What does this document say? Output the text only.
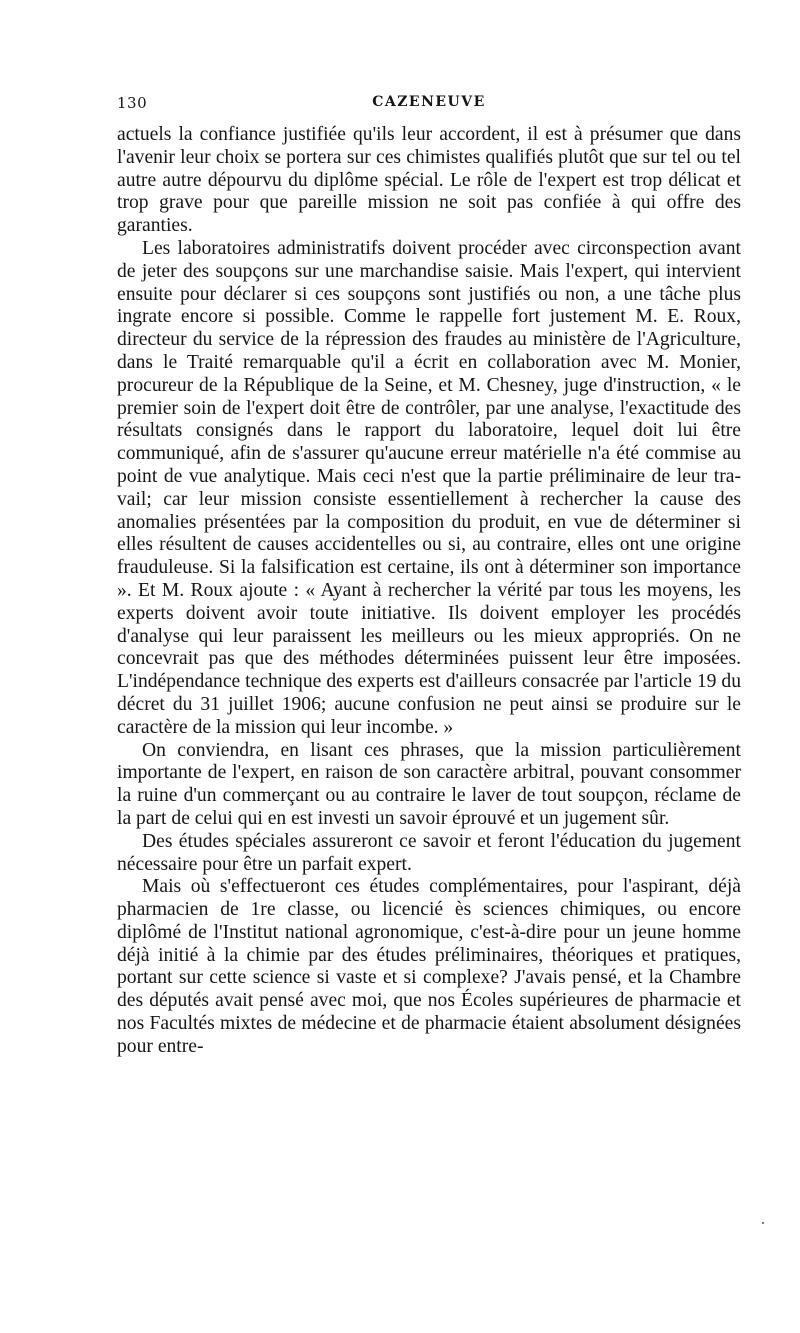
130	CAZENEUVE

actuels la confiance justifiée qu'ils leur accordent, il est à présumer que dans l'avenir leur choix se portera sur ces chimistes qualifiés plutôt que sur tel ou tel autre autre dépourvu du diplôme spécial. Le rôle de l'expert est trop délicat et trop grave pour que pareille mission ne soit pas confiée à qui offre des garanties.

Les laboratoires administratifs doivent procéder avec circonspection avant de jeter des soupçons sur une marchandise saisie. Mais l'expert, qui intervient ensuite pour déclarer si ces soupçons sont justifiés ou non, a une tâche plus ingrate encore si possible. Comme le rappelle fort justement M. E. Roux, directeur du service de la répression des fraudes au ministère de l'Agriculture, dans le Traité remarquable qu'il a écrit en collaboration avec M. Monier, procureur de la République de la Seine, et M. Chesney, juge d'instruction, « le premier soin de l'expert doit être de contrôler, par une analyse, l'exactitude des résultats consignés dans le rapport du laboratoire, lequel doit lui être communiqué, afin de s'assurer qu'aucune erreur matérielle n'a été commise au point de vue analytique. Mais ceci n'est que la partie préliminaire de leur travail; car leur mission consiste essentiellement à rechercher la cause des anomalies présentées par la composition du produit, en vue de déterminer si elles résultent de causes accidentelles ou si, au contraire, elles ont une origine frauduleuse. Si la falsification est certaine, ils ont à déterminer son importance ». Et M. Roux ajoute : « Ayant à rechercher la vérité par tous les moyens, les experts doivent avoir toute initiative. Ils doivent employer les procédés d'analyse qui leur paraissent les meilleurs ou les mieux appropriés. On ne concevrait pas que des méthodes déterminées puissent leur être imposées. L'indépendance technique des experts est d'ailleurs consacrée par l'article 19 du décret du 31 juillet 1906; aucune confusion ne peut ainsi se produire sur le caractère de la mission qui leur incombe. »

On conviendra, en lisant ces phrases, que la mission particulièrement importante de l'expert, en raison de son caractère arbitral, pouvant consommer la ruine d'un commerçant ou au contraire le laver de tout soupçon, réclame de la part de celui qui en est investi un savoir éprouvé et un jugement sûr.

Des études spéciales assureront ce savoir et feront l'éducation du jugement nécessaire pour être un parfait expert.

Mais où s'effectueront ces études complémentaires, pour l'aspirant, déjà pharmacien de 1re classe, ou licencié ès sciences chimiques, ou encore diplômé de l'Institut national agronomique, c'est-à-dire pour un jeune homme déjà initié à la chimie par des études préliminaires, théoriques et pratiques, portant sur cette science si vaste et si complexe? J'avais pensé, et la Chambre des députés avait pensé avec moi, que nos Écoles supérieures de pharmacie et nos Facultés mixtes de médecine et de pharmacie étaient absolument désignées pour entre-
